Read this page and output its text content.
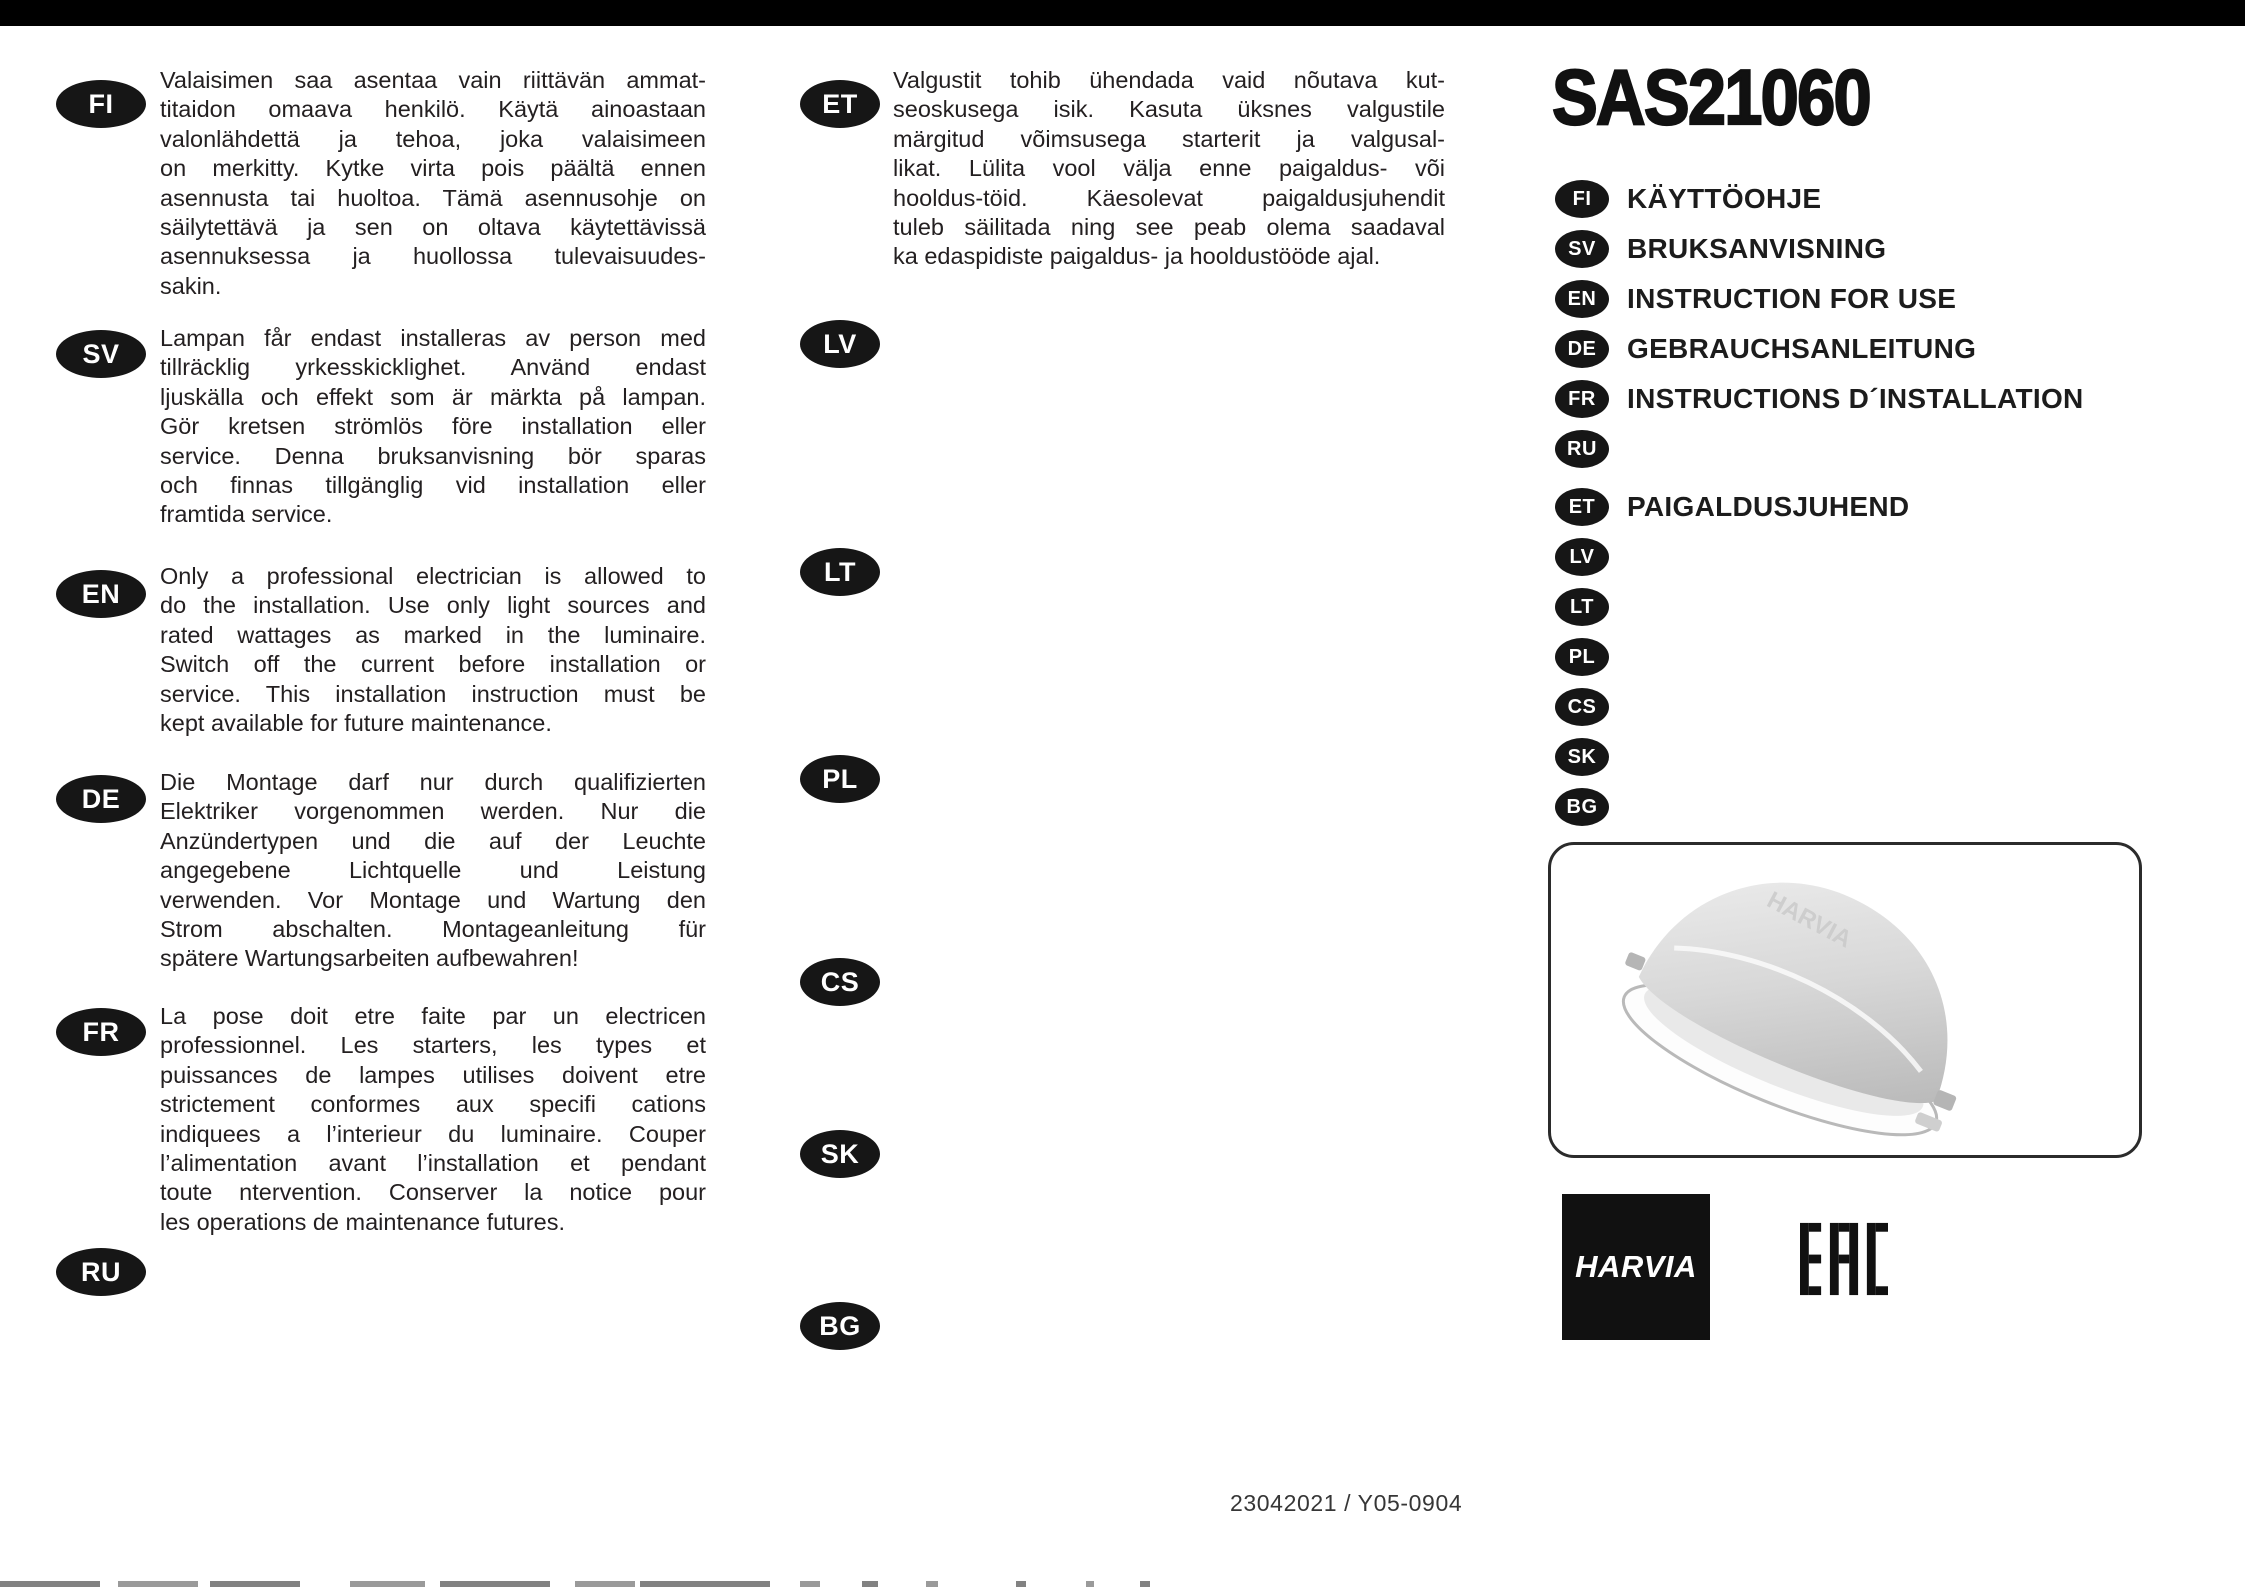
FI
Valaisimen saa asentaa vain riittävän ammat-
titaidon omaava henkilö. Käytä ainoastaan
valonlähdettä ja tehoa, joka valaisimeen
on merkitty. Kytke virta pois päältä ennen
asennusta tai huoltoa. Tämä asennusohje on
säilytettävä ja sen on oltava käytettävissä
asennuksessa ja huollossa tulevaisuudes-
sakin.
SV
Lampan får endast installeras av person med
tillräcklig yrkesskicklighet. Använd endast
ljuskälla och effekt som är märkta på lampan.
Gör kretsen strömlös före installation eller
service. Denna bruksanvisning bör sparas
och finnas tillgänglig vid installation eller
framtida service.
EN
Only a professional electrician is allowed to
do the installation. Use only light sources and
rated wattages as marked in the luminaire.
Switch off the current before installation or
service. This installation instruction must be
kept available for future maintenance.
DE
Die Montage darf nur durch qualifizierten
Elektriker vorgenommen werden. Nur die
Anzündertypen und die auf der Leuchte
angegebene Lichtquelle und Leistung
verwenden. Vor Montage und Wartung den
Strom abschalten. Montageanleitung für
spätere Wartungsarbeiten aufbewahren!
FR
La pose doit etre faite par un electricen
professionnel. Les starters, les types et
puissances de lampes utilises doivent etre
strictement conformes aux specifi cations
indiquees a l’interieur du luminaire. Couper
l’alimentation avant l’installation et pendant
toute ntervention. Conserver la notice pour
les operations de maintenance futures.
RU
ET
Valgustit tohib ühendada vaid nõutava kut-
seoskusega isik. Kasuta üksnes valgustile
märgitud võimsusega starterit ja valgusal-
likat. Lülita vool välja enne paigaldus- või
hooldus-töid. Käesolevat paigaldusjuhendit
tuleb säilitada ning see peab olema saadaval
ka edaspidiste paigaldus- ja hooldustööde ajal.
LV
LT
PL
CS
SK
BG
SAS21060
FI	KÄYTTÖOHJE
SV	BRUKSANVISNING
EN	INSTRUCTION FOR USE
DE	GEBRAUCHSANLEITUNG
FR	INSTRUCTIONS D´INSTALLATION
RU
ET	PAIGALDUSJUHEND
LV
LT
PL
CS
SK
BG
HARVIA
HARVIA
23042021 / Y05-0904
